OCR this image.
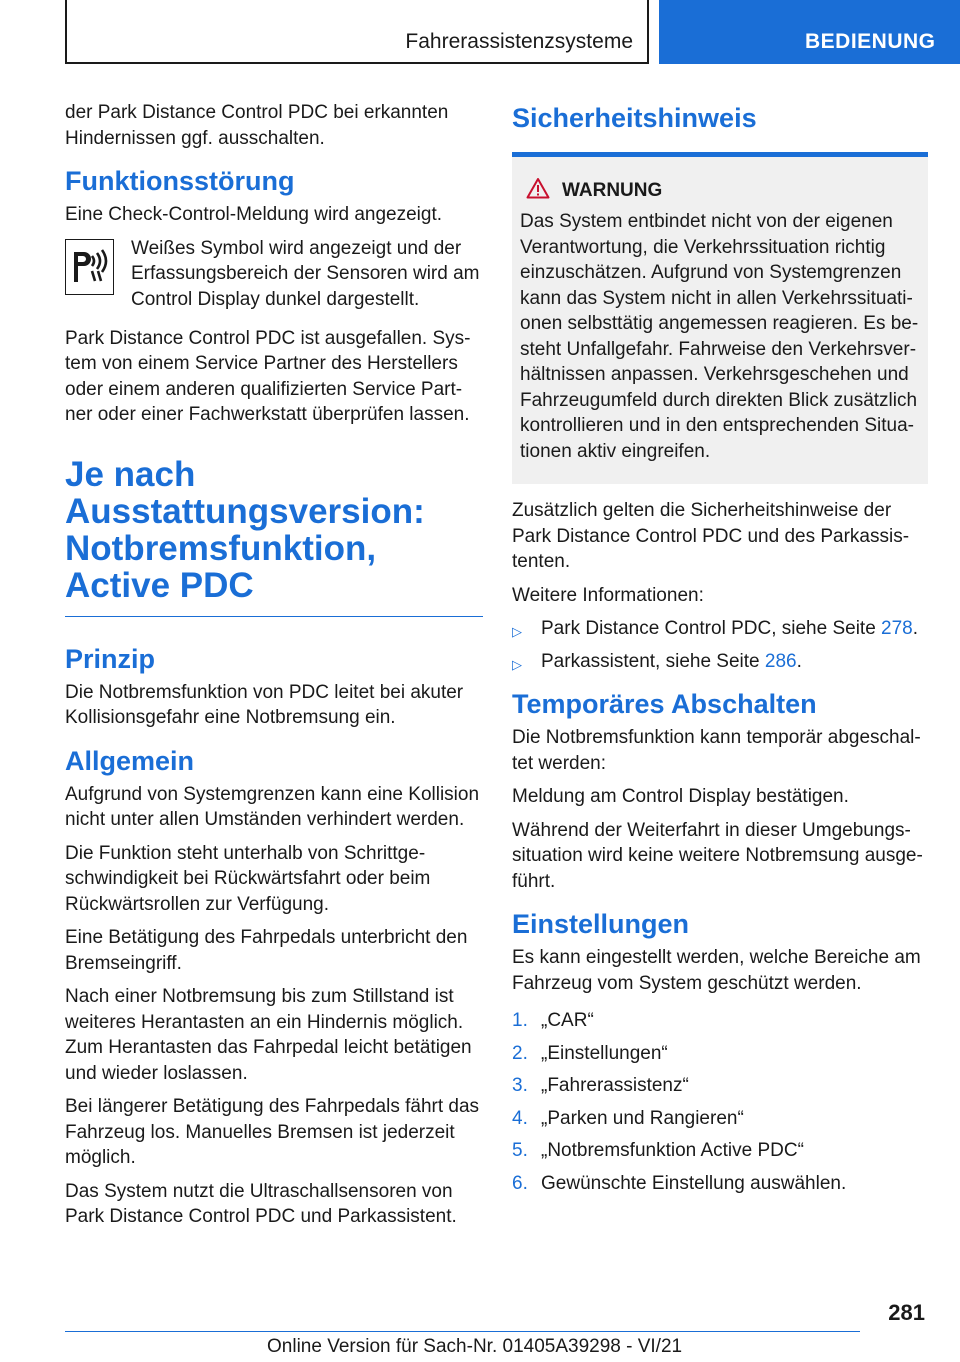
Fahrerassistenzsysteme	BEDIENUNG

der Park Distance Control PDC bei erkannten Hindernissen ggf. ausschalten.

Funktionsstörung

Eine Check-Control-Meldung wird angezeigt.

Weißes Symbol wird angezeigt und der Erfassungsbereich der Sensoren wird am Control Display dunkel dargestellt.

Park Distance Control PDC ist ausgefallen. System von einem Service Partner des Herstellers oder einem anderen qualifizierten Service Partner oder einer Fachwerkstatt überprüfen lassen.

Je nach Ausstattungsversion: Notbremsfunktion, Active PDC
Prinzip

Die Notbremsfunktion von PDC leitet bei akuter Kollisionsgefahr eine Notbremsung ein.

Allgemein

Aufgrund von Systemgrenzen kann eine Kollision nicht unter allen Umständen verhindert werden.

Die Funktion steht unterhalb von Schrittgeschwindigkeit bei Rückwärtsfahrt oder beim Rückwärtsrollen zur Verfügung.

Eine Betätigung des Fahrpedals unterbricht den Bremseingriff.

Nach einer Notbremsung bis zum Stillstand ist weiteres Herantasten an ein Hindernis möglich. Zum Herantasten das Fahrpedal leicht betätigen und wieder loslassen.

Bei längerer Betätigung des Fahrpedals fährt das Fahrzeug los. Manuelles Bremsen ist jederzeit möglich.

Das System nutzt die Ultraschallsensoren von Park Distance Control PDC und Parkassistent.

Sicherheitshinweis
WARNUNG

Das System entbindet nicht von der eigenen Verantwortung, die Verkehrssituation richtig einzuschätzen. Aufgrund von Systemgrenzen kann das System nicht in allen Verkehrssituationen selbsttätig angemessen reagieren. Es besteht Unfallgefahr. Fahrweise den Verkehrsverhältnissen anpassen. Verkehrsgeschehen und Fahrzeugumfeld durch direkten Blick zusätzlich kontrollieren und in den entsprechenden Situationen aktiv eingreifen.

Zusätzlich gelten die Sicherheitshinweise der Park Distance Control PDC und des Parkassistenten.

Weitere Informationen:

▷ Park Distance Control PDC, siehe Seite 278.
▷ Parkassistent, siehe Seite 286.
Temporäres Abschalten

Die Notbremsfunktion kann temporär abgeschaltet werden:

Meldung am Control Display bestätigen.

Während der Weiterfahrt in dieser Umgebungssituation wird keine weitere Notbremsung ausgeführt.

Einstellungen

Es kann eingestellt werden, welche Bereiche am Fahrzeug vom System geschützt werden.

1. „CAR“
2. „Einstellungen“
3. „Fahrerassistenz“
4. „Parken und Rangieren“
5. „Notbremsfunktion Active PDC“
6. Gewünschte Einstellung auswählen.
281
Online Version für Sach-Nr. 01405A39298 - VI/21
